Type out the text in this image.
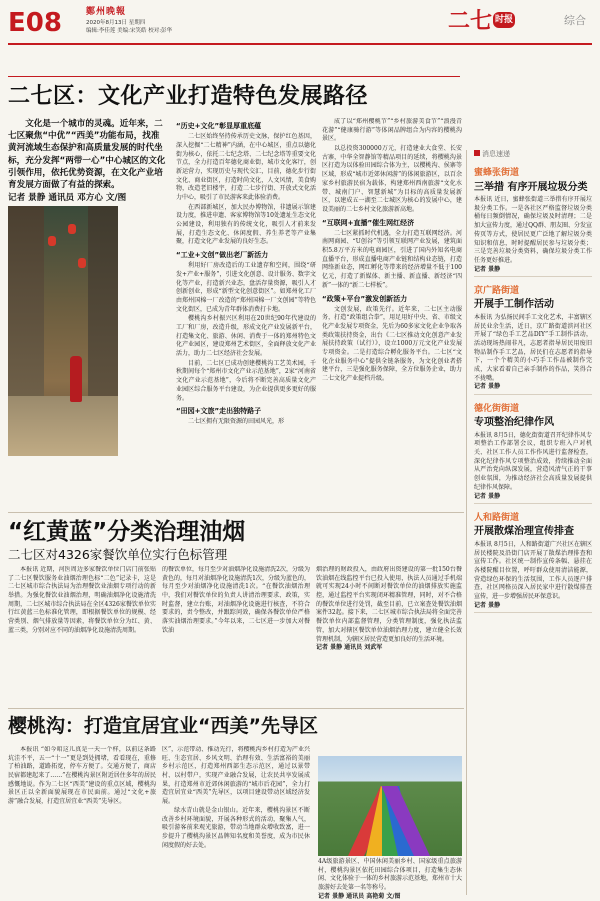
E08	鄭州晚報
2020年8月13日 星期四
编辑:李佳莲 美编:宋笑皓 校对:彭华	二七 时报	综合
二七区：文化产业打造特色发展路径

文化是一个城市的灵魂。近年来，二七区聚焦“中优”“西美”功能布局，找准黄河流域生态保护和高质量发展的时代坐标，充分发挥“两带一心”中心城区的文化引领作用，依托优势资源，在文化产业培育发展方面做了有益的探索。

记者 景静 通讯员 邓方心 文/图

“历史+文化”彰显厚重底蕴

二七区始终坚持传承历史文脉，保护红色基因，深入挖掘“二七精神”内涵，在中心城区，重点以德化街为核心，依托二七纪念塔、二七纪念塔等重要文化节点，全力打造百年德化商业街，城市文化客厅，创新运营力，实现历史与现代交汇，目前，德化步行街文化、商业街区，打造时尚文化，人文风情，美食购物，改造老旧楼宇，打造二七步行街、开放式文化活力中心，吸引了市民游客来此体验消费。

在西部新城区，加大民办博物馆，非遗展示馆建设力度，推进申遗、客家博物馆等10处遗址生态文化公园建设，利用独有的传统文化，吸引人才前来发展，打造生态文化、休闲度假、养生养老等产业集聚，打造文化产业发展的良好生态。

“工业+文创”做出老厂新活力

利用好厂房改造后的工业遗存和空间，围绕“研发+产业+服务”，引进文化创意、设计服务、数字文化等产业，打造新兴业态，盘活存量资源，吸引人才创新创业，形成“新型文化创意街区”。如郑州化工厂由郑州国棉一厂改造的“郑州国棉一厂文创园”等特色文化街区，已成为青年群体消费打卡地。

樱桃沟乡村振兴区利用在20世纪90年代建设的工厂和厂房，改造升级，形成文化产业发展新平台，打造集文化、旅游、休闲、消费于一体的郑州特色文化产业园区，建设郑州艺术街区，全面释放文化产业活力，助力二七区经济社会发展。

目前，二七区已成功创建樱桃沟工艺美术园，千秋期间每个“郑州市文化产业示范基地”，2家“河南省文化产业示范基地”，今后将不断完善高质量文化产业园区综合服务平台建设，为企业提供更多更好的服务。

“田园+文旅”走出独特路子

二七区拥有无限资源的田园风光，形

成了以“郑州樱桃节”“乡村旅游美食节”“浪漫青花游”“健康骑行游”等体闲品牌组合为内容的樱桃沟景区。

以总投资300000万元，打造建业大食堂、长安古寨，中华全智静馆等精品项目的延续，将樱桃沟景区打造为以体验田园综合体为主，以樱桃沟、侯寨等区域，形成“城市近郊休闲游”的体闲旅游区，以百余家乡村旅游民宿为载体，构建郑州西南旅游“文化水带、城南门户、智慧新城”为目标的高质量发展新区，以建成五一湖至二七城区为核心的发展中心，建设美丽的二七乡村文化旅游新高地。

“互联网+直播”催生网红经济

二七区紧抓时代机遇，全力打造互联网经济。河南网商园、“U创谷”等引领互联网产业发展，建筑面积5.8万平方米的电商园区，引进了国内外知名电商直播平台，形成直播电商产业链和结构业态链，打造网络新业态，网红孵化等带来的经济增量不低于100亿元，打造了新媒体、新主播、新直播、新经济“四新”一体的“新二七样板”。

“政策+平台”激发创新活力

文创发展，政策先行。近年来，二七区主动服务，打造“政策组合拳”，用足用好中央、省、市级文化产业发展专项资金，先后为60多家文化企业争取各类政策扶持资金，出台《二七区推动文化创意产业发展扶持政策（试行）》，设立1000万元文化产业发展专项资金。二是打造综合孵化服务平台。二七区“文化企业服务中心”提供全链条服务，为文化创业者搭建平台，三是强化服务保障，全方位服务企业，助力二七文化产业提档升级。

消息速递
蜜蜂张街道
三举措 有序开展垃圾分类
本报讯 近日，蜜蜂张街道三举措有序开展垃圾分类工作。一是各社区严格监督垃圾分类桶每日频倒情况，确保垃圾及时清理；二是加大宣传力度，通过QQ群、朋友圈、分发宣传页等方式，使居民更广泛地了解垃圾分类知识和信息，时时提醒居民参与垃圾分类；三是完善垃圾分类资料，确保垃圾分类工作任务更好推进。
记者 景静
京广路街道
开展手工制作活动
本报讯 为弘扬民间手工文化艺术，丰富辖区居民业余生活，近日，京广路街道滨河社区开展了“绿色手工艺品DIY”手工制作活动，活动现场热闹非凡，志愿者指导居民用废旧物品制作手工艺品，居民们在志愿者的指导下，一个个精美的小巧手工作品被制作完成，大家看着自己亲手制作的作品，笑得合不拢嘴。
记者 景静
德化街街道
专项整治纪律作风
本报讯 8月5日，德化街街道召开纪律作风专项整治工作部署会议，组织专班入户对机关、社区工作人员工作作风进行监督检查，深化纪律作风专项整治成效，持续推动全面从严治党向纵深发展，营造风清气正的干事创业氛围，为推动经济社会高质量发展提供纪律作风保障。
记者 景静
人和路街道
开展散煤治理宣传排查
本报讯 8月5日，人和路街道广兴社区在辖区居民楼院及沿街门店开展了散煤治理排查和宣传工作。社区统一制作宣传条幅、悬挂在各楼院醒目位置，呼吁群众使用清洁能源，营造绿色环保的生活氛围，工作人员逐户排查，社区网格员深入居民家中进行散煤排查宣传，进一步增强居民环保意识。
记者 景静
“红黄蓝”分类治理油烟
二七区对4326家餐饮单位实行色标管理

本报讯 近期，河医周边多家餐饮单位门店门前张贴了二七区餐饮服务业油烟治理色标“二色”记录卡，这是二七区城市综合执法局为治理餐饮业油烟专项行动的新举措。为强化餐饮业油烟治理，明确油烟净化设施清洗周期，二七区城市综合执法局在全区4326家餐饮单位实行红黄蓝三色标准化管理，即根据餐饮单位的规模、经营类别、烟气排放量等因素，将餐饮单位分为红、黄、蓝三类，分别对应不同的油烟净化设施清洗周期。

的餐饮单位，每月至少对油烟净化设施清洗2次，分级为黄色的，每月对油烟净化设施清洗1次，分级为蓝色的，每月至少对油烟净化设施清洗1次。“在餐饮油烟治理中，我们对餐饮单位的负责人讲清治理要求、政策，实时监督，建立台账，对油烟净化设施进行核查，不符合要求的，责令整改，并跟踪问效，确保各餐饮单位严格落实油烟治理要求。”今年以来，二七区进一步加大对餐饮油

烟治理的财政投入，由政府出资建设的第一批150台餐饮油烟在线监控平台已投入使用，执法人员通过手机端就可实现24小时不间断对餐饮单位的油烟排放实施监控，通过监控平台实现闭环精准管理，同时，对不合格的餐饮单位进行处罚，截至目前，已立案查处餐饮油烟案件32起。接下来，二七区城市综合执法局将全面完善餐饮单位内部监督管理，分类管理制度，强化执法监管，加大对辖区餐饮单位油烟治理力度，建立健全长效管理机制，为辖区居民营造更加良好的生活环境。

记者 景静 通讯员 刘武军

樱桃沟：打造宜居宜业“西美”先导区

本报讯 “如今咱这儿真是一天一个样，以前这条路坑洼不平，五一“十一”更是到处拥堵，看看现在，重修了柏油路，道路拓宽，停车方便了。交通方便了，商店民宿都建起来了……”在樱桃沟景区附近居住多年的居民感慨地说。作为二七区“西美”建设的重点区域，樱桃沟景区正以全新面貌展现在市民面前。通过“文化+旅游”融合发展，打造宜居宜业“西美”先导区。

区”，示范带动、推动先行，将樱桃沟乡村打造为产业兴旺、生态宜居、乡风文明、治理有效、生活富裕的美丽乡村示范区，打造郑州西部生态示范区，通过以景带村、以村带户，实现产业融合发展，让农民共享发展成果，打造郑州市近郊休闲旅游的“城市后花园”，全力打造宜居宜业“西美”先导区，以项目建设带动区域经济发展。

绿水青山就是金山银山。近年来，樱桃沟景区不断改善乡村环境面貌，开展各种形式的活动，聚集人气，吸引游客前来观光旅游，带动当地群众增收致富，进一步提升了樱桃沟景区品牌知名度和美誉度，成为市民休闲度假的好去处。

4A级旅游景区、中国休闲美丽乡村、国家级重点旅游村，樱桃沟景区依托田园综合体项目，打造集生态休闲、文化体验于一体的乡村旅游示范基地，郑州市十大旅游好去处第一名等称号。

记者 景静 通讯员 高艳菊 文/图
